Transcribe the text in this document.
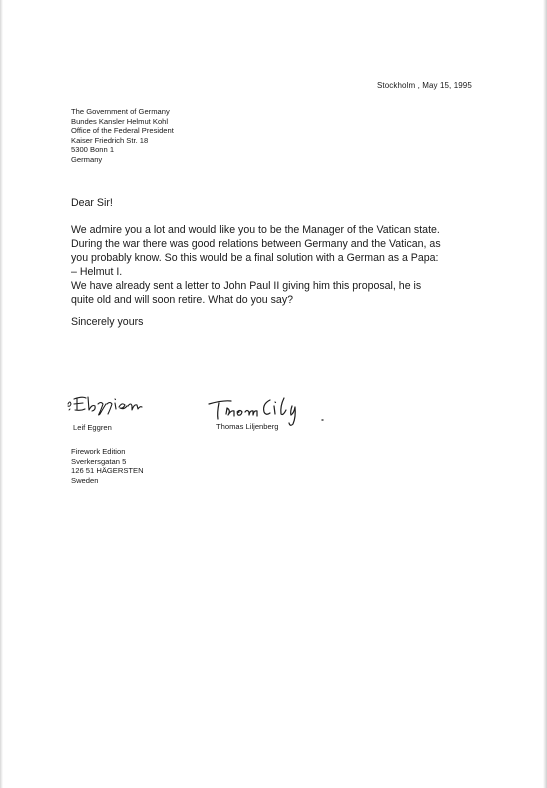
Stockholm , May 15, 1995
The Government of Germany
Bundes Kansler Helmut Kohl
Office of the Federal President
Kaiser Friedrich Str. 18
5300 Bonn 1
Germany
Dear Sir!
We admire you a lot and would like you to be the Manager of the Vatican state.
During the war there was good relations between Germany and the Vatican, as
you probably know. So this would be a final solution with a German as a Papa:
– Helmut I.
We have already sent a letter to John Paul II giving him this proposal, he is
quite old and will soon retire. What do you say?
Sincerely yours
Leif Eggren	Thomas Liljenberg
Firework Edition
Sverkersgatan 5
126 51 HÄGERSTEN
Sweden
